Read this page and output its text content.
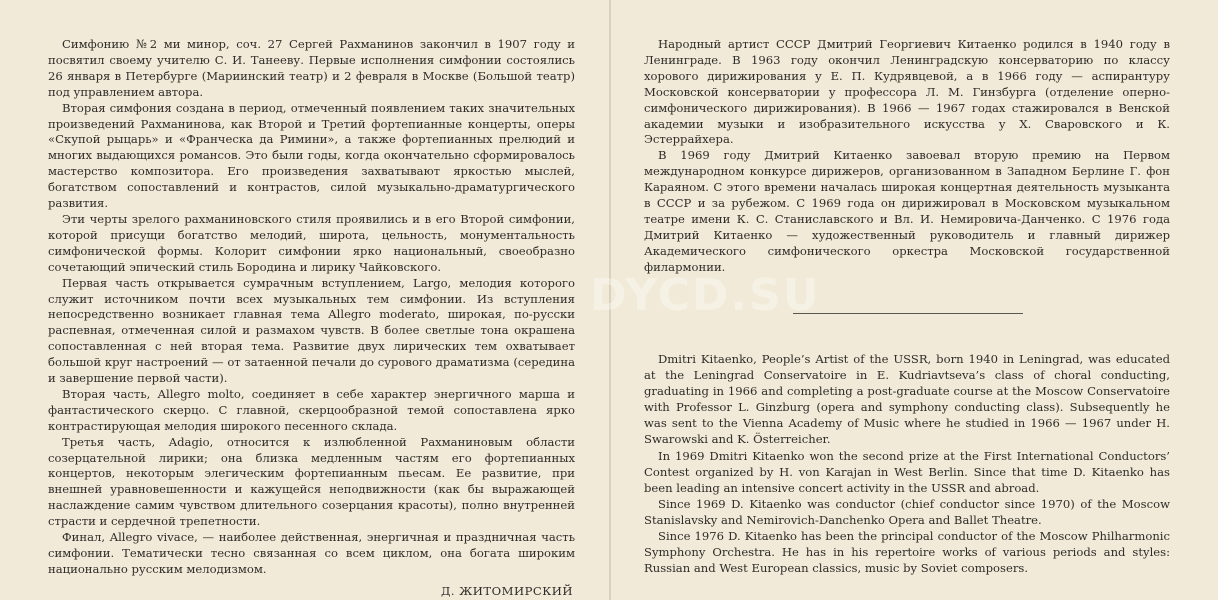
DYCD.SU

Симфонию №2 ми минор, соч. 27 Сергей Рахманинов закончил в 1907 году и посвятил своему учителю С. И. Танееву. Первые исполнения симфонии состоялись 26 января в Петербурге (Мариинский театр) и 2 февраля в Москве (Большой театр) под управлением автора.

Вторая симфония создана в период, отмеченный появлением таких значительных произведений Рахманинова, как Второй и Третий фортепианные концерты, оперы «Скупой рыцарь» и «Франческа да Римини», а также фортепианных прелюдий и многих выдающихся романсов. Это были годы, когда окончательно сформировалось мастерство композитора. Его произведения захватывают яркостью мыслей, богатством сопоставлений и контрастов, силой музыкально-драматургического развития.

Эти черты зрелого рахманиновского стиля проявились и в его Второй симфонии, которой присущи богатство мелодий, широта, цельность, монументальность симфонической формы. Колорит симфонии ярко национальный, своеобразно сочетающий эпический стиль Бородина и лирику Чайковского.

Первая часть открывается сумрачным вступлением, Largo, мелодия которого служит источником почти всех музыкальных тем симфонии. Из вступления непосредственно возникает главная тема Allegro moderato, широкая, по-русски распевная, отмеченная силой и размахом чувств. В более светлые тона окрашена сопоставленная с ней вторая тема. Развитие двух лирических тем охватывает большой круг настроений — от затаенной печали до сурового драматизма (середина и завершение первой части).

Вторая часть, Allegro molto, соединяет в себе характер энергичного марша и фантастического скерцо. С главной, скерцообразной темой сопоставлена ярко контрастирующая мелодия широкого песенного склада.

Третья часть, Adagio, относится к излюбленной Рахманиновым области созерцательной лирики; она близка медленным частям его фортепианных концертов, некоторым элегическим фортепианным пьесам. Ее развитие, при внешней уравновешенности и кажущейся неподвижности (как бы выражающей наслаждение самим чувством длительного созерцания красоты), полно внутренней страсти и сердечной трепетности.

Финал, Allegro vivace, — наиболее действенная, энергичная и праздничная часть симфонии. Тематически тесно связанная со всем циклом, она богата широким национально русским мелодизмом.

Д. ЖИТОМИРСКИЙ

Народный артист СССР Дмитрий Георгиевич Китаенко родился в 1940 году в Ленинграде. В 1963 году окончил Ленинградскую консерваторию по классу хорового дирижирования у Е. П. Кудрявцевой, а в 1966 году — аспирантуру Московской консерватории у профессора Л. М. Гинзбурга (отделение оперно-симфонического дирижирования). В 1966 — 1967 годах стажировался в Венской академии музыки и изобразительного искусства у Х. Сваровского и К. Эстеррайхера.

В 1969 году Дмитрий Китаенко завоевал вторую премию на Первом международном конкурсе дирижеров, организованном в Западном Берлине Г. фон Караяном. С этого времени началась широкая концертная деятельность музыканта в СССР и за рубежом. С 1969 года он дирижировал в Московском музыкальном театре имени К. С. Станиславского и Вл. И. Немировича-Данченко. С 1976 года Дмитрий Китаенко — художественный руководитель и главный дирижер Академического симфонического оркестра Московской государственной филармонии.

Dmitri Kitaenko, People’s Artist of the USSR, born 1940 in Leningrad, was educated at the Leningrad Conservatoire in E. Kudriavtseva’s class of choral conducting, graduating in 1966 and completing a post-graduate course at the Moscow Conservatoire with Professor L. Ginzburg (opera and symphony conducting class). Subsequently he was sent to the Vienna Academy of Music where he studied in 1966 — 1967 under H. Swarowski and K. Österreicher.

In 1969 Dmitri Kitaenko won the second prize at the First International Conductors’ Contest organized by H. von Karajan in West Berlin. Since that time D. Kitaenko has been leading an intensive concert activity in the USSR and abroad.

Since 1969 D. Kitaenko was conductor (chief conductor since 1970) of the Moscow Stanislavsky and Nemirovich-Danchenko Opera and Ballet Theatre.

Since 1976 D. Kitaenko has been the principal conductor of the Moscow Philharmonic Symphony Orchestra. He has in his repertoire works of various periods and styles: Russian and West European classics, music by Soviet composers.
